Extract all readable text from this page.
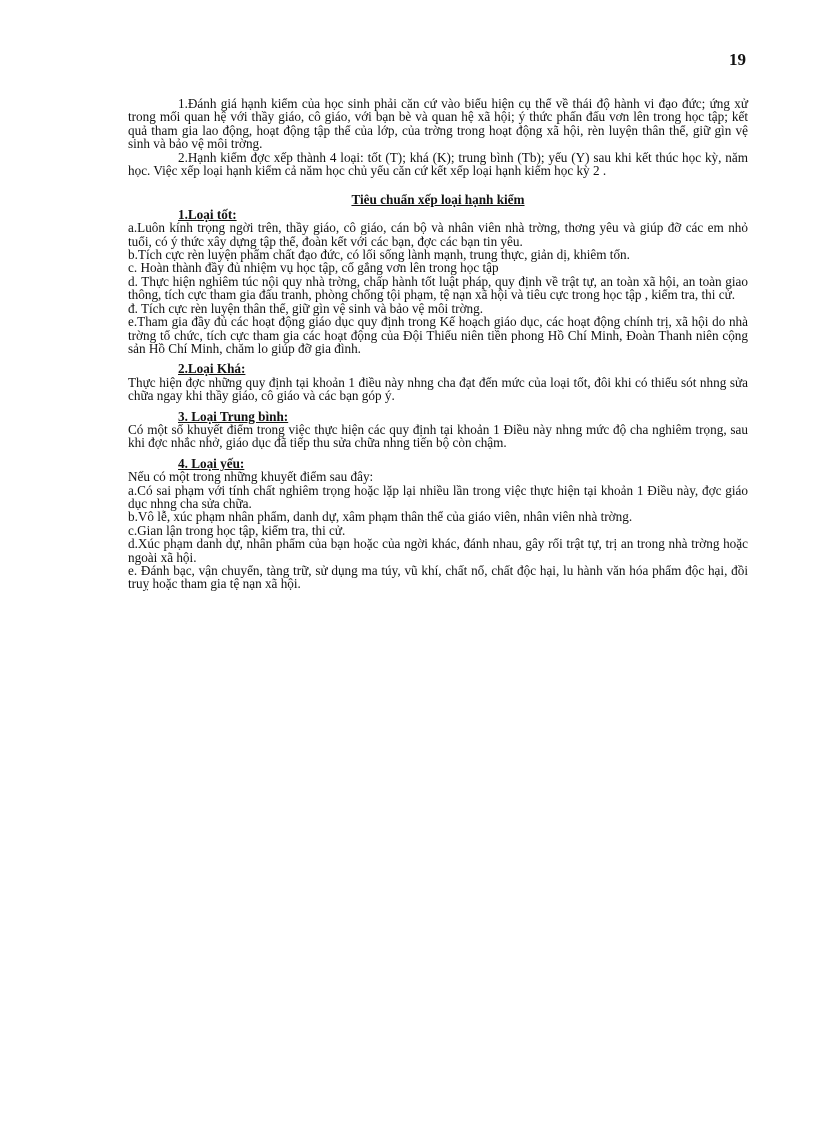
19

1.Đánh giá hạnh kiểm của học sinh phải căn cứ vào biểu hiện cụ thể về thái độ hành vi đạo đức; ứng xử trong mối quan hệ với thầy giáo, cô giáo, với bạn bè và quan hệ xã hội; ý thức phấn đấu vơn lên trong học tập; kết quả tham gia lao động, hoạt động tập thể của lớp, của trờng trong hoạt động xã hội, rèn luyện thân thể, giữ gìn vệ sinh và bảo vệ môi trờng.

2.Hạnh kiểm đợc xếp thành 4 loại: tốt (T); khá (K); trung bình (Tb); yếu (Y) sau khi kết thúc học kỳ, năm học. Việc xếp loại hạnh kiểm cả năm học chủ yếu căn cứ kết xếp loại hạnh kiểm học kỳ 2 .

Tiêu chuẩn xếp loại hạnh kiểm

1.Loại tốt:

a.Luôn kính trọng ngời trên, thầy giáo, cô giáo, cán bộ và nhân viên nhà trờng, thơng yêu và giúp đỡ các em nhỏ tuổi, có ý thức xây dựng tập thể, đoàn kết với các bạn, đợc các bạn tin yêu.

b.Tích cực rèn luyện phẩm chất đạo đức, có lối sống lành mạnh, trung thực, giản dị, khiêm tốn.

c. Hoàn thành đầy đủ nhiệm vụ học tập, cố gắng vơn lên trong học tập

d. Thực hiện nghiêm túc nội quy nhà trờng, chấp hành tốt luật pháp, quy định về trật tự, an toàn xã hội, an toàn giao thông, tích cực tham gia đấu tranh, phòng chống tội phạm, tệ nạn xã hội và tiêu cực trong học tập , kiểm tra, thi cử.

đ. Tích cực rèn luyện thân thể, giữ gìn vệ sinh và bảo vệ môi trờng.

e.Tham gia đầy đủ các hoạt động giáo dục quy định trong Kế hoạch giáo dục, các hoạt động chính trị, xã hội do nhà trờng tổ chức, tích cực tham gia các hoạt động của Đội Thiếu niên tiền phong Hồ Chí Minh, Đoàn Thanh niên cộng sản Hồ Chí Minh, chăm lo giúp đỡ gia đình.

2.Loại Khá:

Thực hiện đợc những quy định tại khoản 1 điều này nhng cha đạt đến mức của loại tốt, đôi khi có thiếu sót nhng sửa chữa ngay khi thầy giáo, cô giáo và các bạn góp ý.

3. Loại Trung bình:

Có một số khuyết điểm trong việc thực hiện các quy định tại khoản 1 Điều này nhng mức độ cha nghiêm trọng, sau khi đợc nhắc nhở, giáo dục đã tiếp thu sửa chữa nhng tiến bộ còn chậm.

4. Loại yếu:

Nếu có một trong những khuyết điểm sau đây:

a.Có sai phạm với tính chất nghiêm trọng hoặc lặp lại nhiều lần trong việc thực hiện tại khoản 1 Điều này, đợc giáo dục nhng cha sửa chữa.

b.Vô lễ, xúc phạm nhân phẩm, danh dự, xâm phạm thân thể của giáo viên, nhân viên nhà trờng.

c.Gian lận trong học tập, kiểm tra, thi cử.

d.Xúc phạm danh dự, nhân phẩm của bạn hoặc của ngời khác, đánh nhau, gây rối trật tự, trị an trong nhà trờng hoặc ngoài xã hội.

e. Đánh bạc, vận chuyển, tàng trữ, sử dụng ma túy, vũ khí, chất nổ, chất độc hại, lu hành văn hóa phẩm độc hại, đồi truỵ hoặc tham gia tệ nạn xã hội.
